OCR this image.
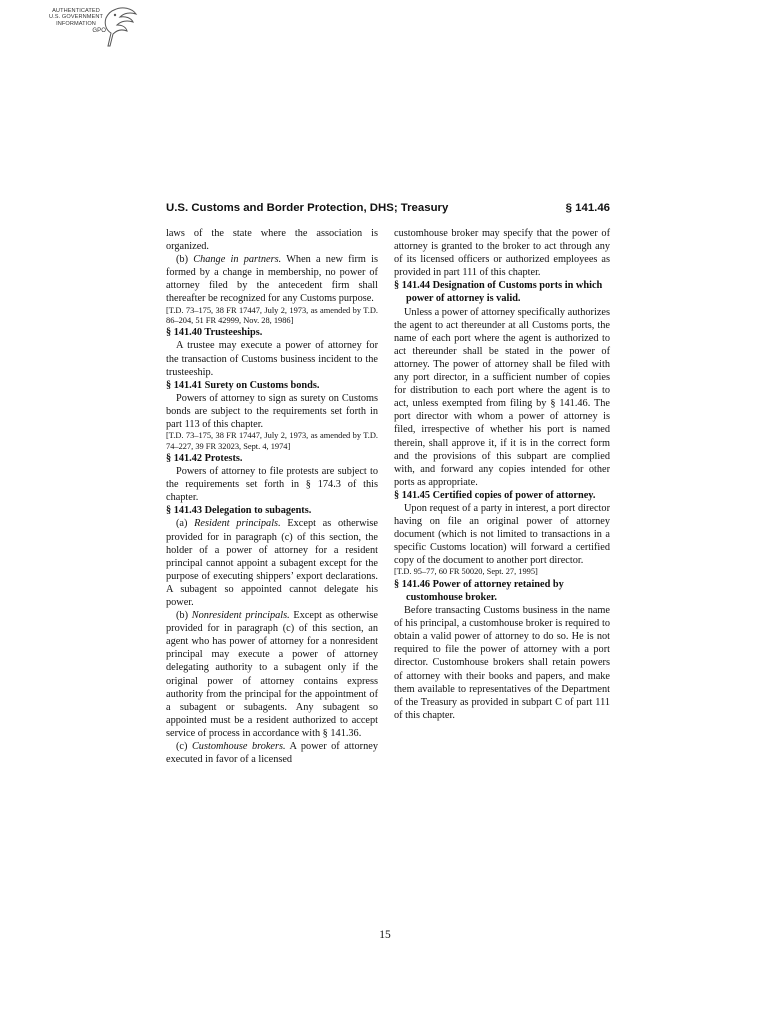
AUTHENTICATED
U.S. GOVERNMENT
INFORMATION
GPO
U.S. Customs and Border Protection, DHS; Treasury	§ 141.46

laws of the state where the association is organized.

(b) Change in partners. When a new firm is formed by a change in membership, no power of attorney filed by the antecedent firm shall thereafter be recognized for any Customs purpose.

[T.D. 73–175, 38 FR 17447, July 2, 1973, as amended by T.D. 86–204, 51 FR 42999, Nov. 28, 1986]

§ 141.40 Trusteeships.

A trustee may execute a power of attorney for the transaction of Customs business incident to the trusteeship.

§ 141.41 Surety on Customs bonds.

Powers of attorney to sign as surety on Customs bonds are subject to the requirements set forth in part 113 of this chapter.

[T.D. 73–175, 38 FR 17447, July 2, 1973, as amended by T.D. 74–227, 39 FR 32023, Sept. 4, 1974]

§ 141.42 Protests.

Powers of attorney to file protests are subject to the requirements set forth in § 174.3 of this chapter.

§ 141.43 Delegation to subagents.

(a) Resident principals. Except as otherwise provided for in paragraph (c) of this section, the holder of a power of attorney for a resident principal cannot appoint a subagent except for the purpose of executing shippers’ export declarations. A subagent so appointed cannot delegate his power.

(b) Nonresident principals. Except as otherwise provided for in paragraph (c) of this section, an agent who has power of attorney for a nonresident principal may execute a power of attorney delegating authority to a subagent only if the original power of attorney contains express authority from the principal for the appointment of a subagent or subagents. Any subagent so appointed must be a resident authorized to accept service of process in accordance with § 141.36.

(c) Customhouse brokers. A power of attorney executed in favor of a licensed

customhouse broker may specify that the power of attorney is granted to the broker to act through any of its licensed officers or authorized employees as provided in part 111 of this chapter.

§ 141.44 Designation of Customs ports in which power of attorney is valid.

Unless a power of attorney specifically authorizes the agent to act thereunder at all Customs ports, the name of each port where the agent is authorized to act thereunder shall be stated in the power of attorney. The power of attorney shall be filed with any port director, in a sufficient number of copies for distribution to each port where the agent is to act, unless exempted from filing by § 141.46. The port director with whom a power of attorney is filed, irrespective of whether his port is named therein, shall approve it, if it is in the correct form and the provisions of this subpart are complied with, and forward any copies intended for other ports as appropriate.

§ 141.45 Certified copies of power of attorney.

Upon request of a party in interest, a port director having on file an original power of attorney document (which is not limited to transactions in a specific Customs location) will forward a certified copy of the document to another port director.

[T.D. 95–77, 60 FR 50020, Sept. 27, 1995]

§ 141.46 Power of attorney retained by customhouse broker.

Before transacting Customs business in the name of his principal, a customhouse broker is required to obtain a valid power of attorney to do so. He is not required to file the power of attorney with a port director. Customhouse brokers shall retain powers of attorney with their books and papers, and make them available to representatives of the Department of the Treasury as provided in subpart C of part 111 of this chapter.

15
